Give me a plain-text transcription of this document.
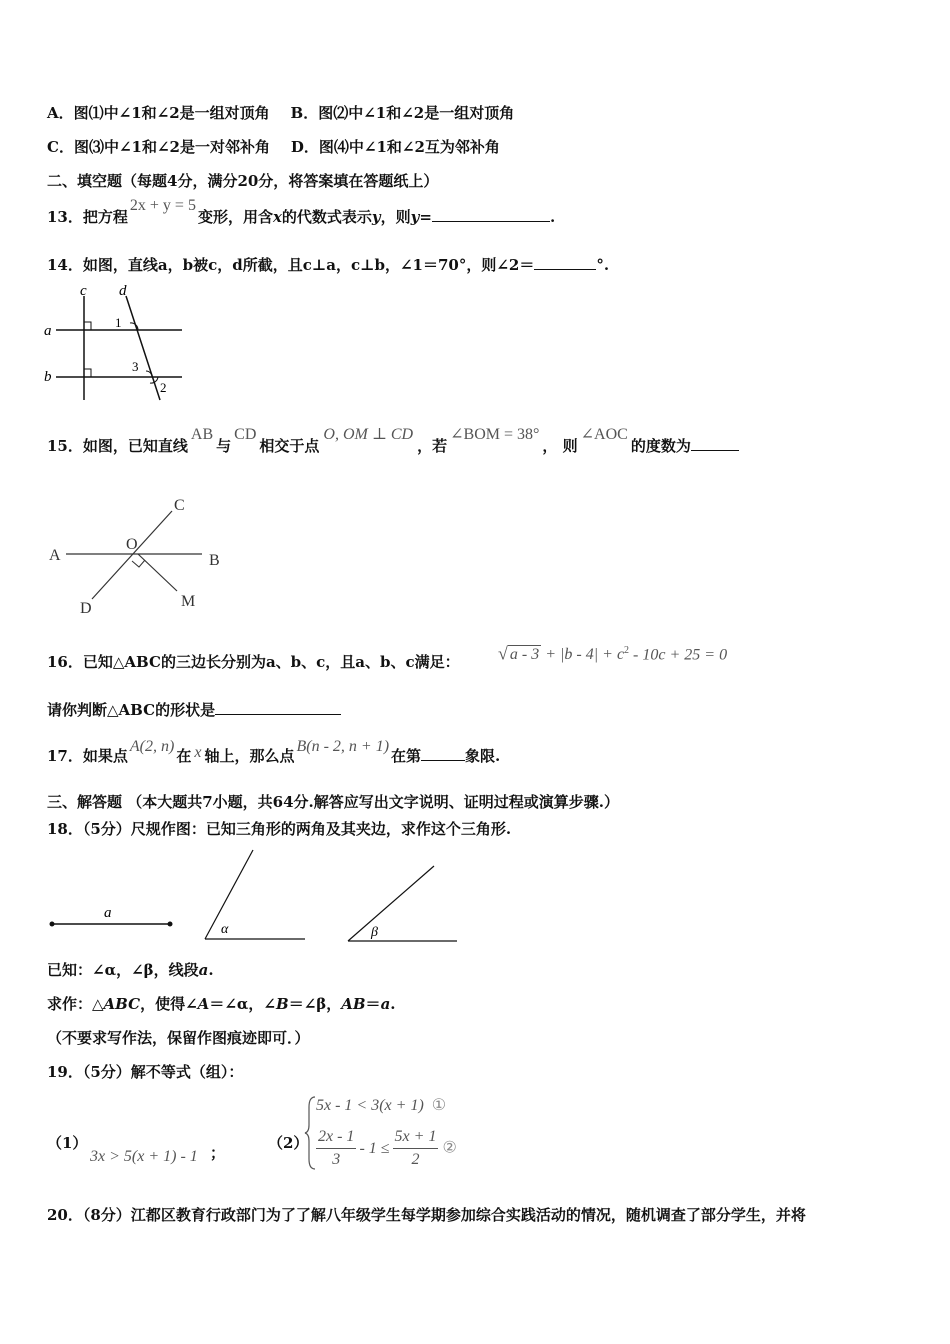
A．图⑴中∠1和∠2是一组对顶角 B．图⑵中∠1和∠2是一组对顶角
C．图⑶中∠1和∠2是一对邻补角 D．图⑷中∠1和∠2互为邻补角
二、填空题（每题4分，满分20分，将答案填在答题纸上）
13．把方程2x + y = 5变形，用含x的代数式表示y，则y=	.
14．如图，直线a，b被c，d所截，且c⊥a，c⊥b，∠1＝70°，则∠2＝	°.
c d
a
b
1
3
2
15．如图，已知直线AB与CD相交于点O, OM ⊥ CD，若∠BOM = 38°， 则∠AOC的度数为
A	B
C
D
O
M
16．已知△ABC的三边长分别为a、b、c，且a、b、c满足： √ $a - 3 + |b - 4| + c^2 - 10c + 25 = 0$
请你判断△ABC的形状是
17．如果点A(2, n)在 x 轴上，那么点B(n - 2, n + 1)在第	象限.
三、解答题 （本大题共7小题，共64分.解答应写出文字说明、证明过程或演算步骤.）
18．（5分）尺规作图：已知三角形的两角及其夹边，求作这个三角形.
a
α	β
已知：∠α，∠β，线段a.
求作：△ABC，使得∠A＝∠α，∠B＝∠β，AB＝a.
（不要求写作法，保留作图痕迹即可．）
19．（5分）解不等式（组）：
（1）
3x > 5(x + 1) - 1 ；
（2）
5x - 1 < 3(x + 1) ①
$\frac{2x - 1}{3} - 1 \le \frac{5x + 1}{2}$ ②
20．（8分）江都区教育行政部门为了了解八年级学生每学期参加综合实践活动的情况，随机调查了部分学生，并将
